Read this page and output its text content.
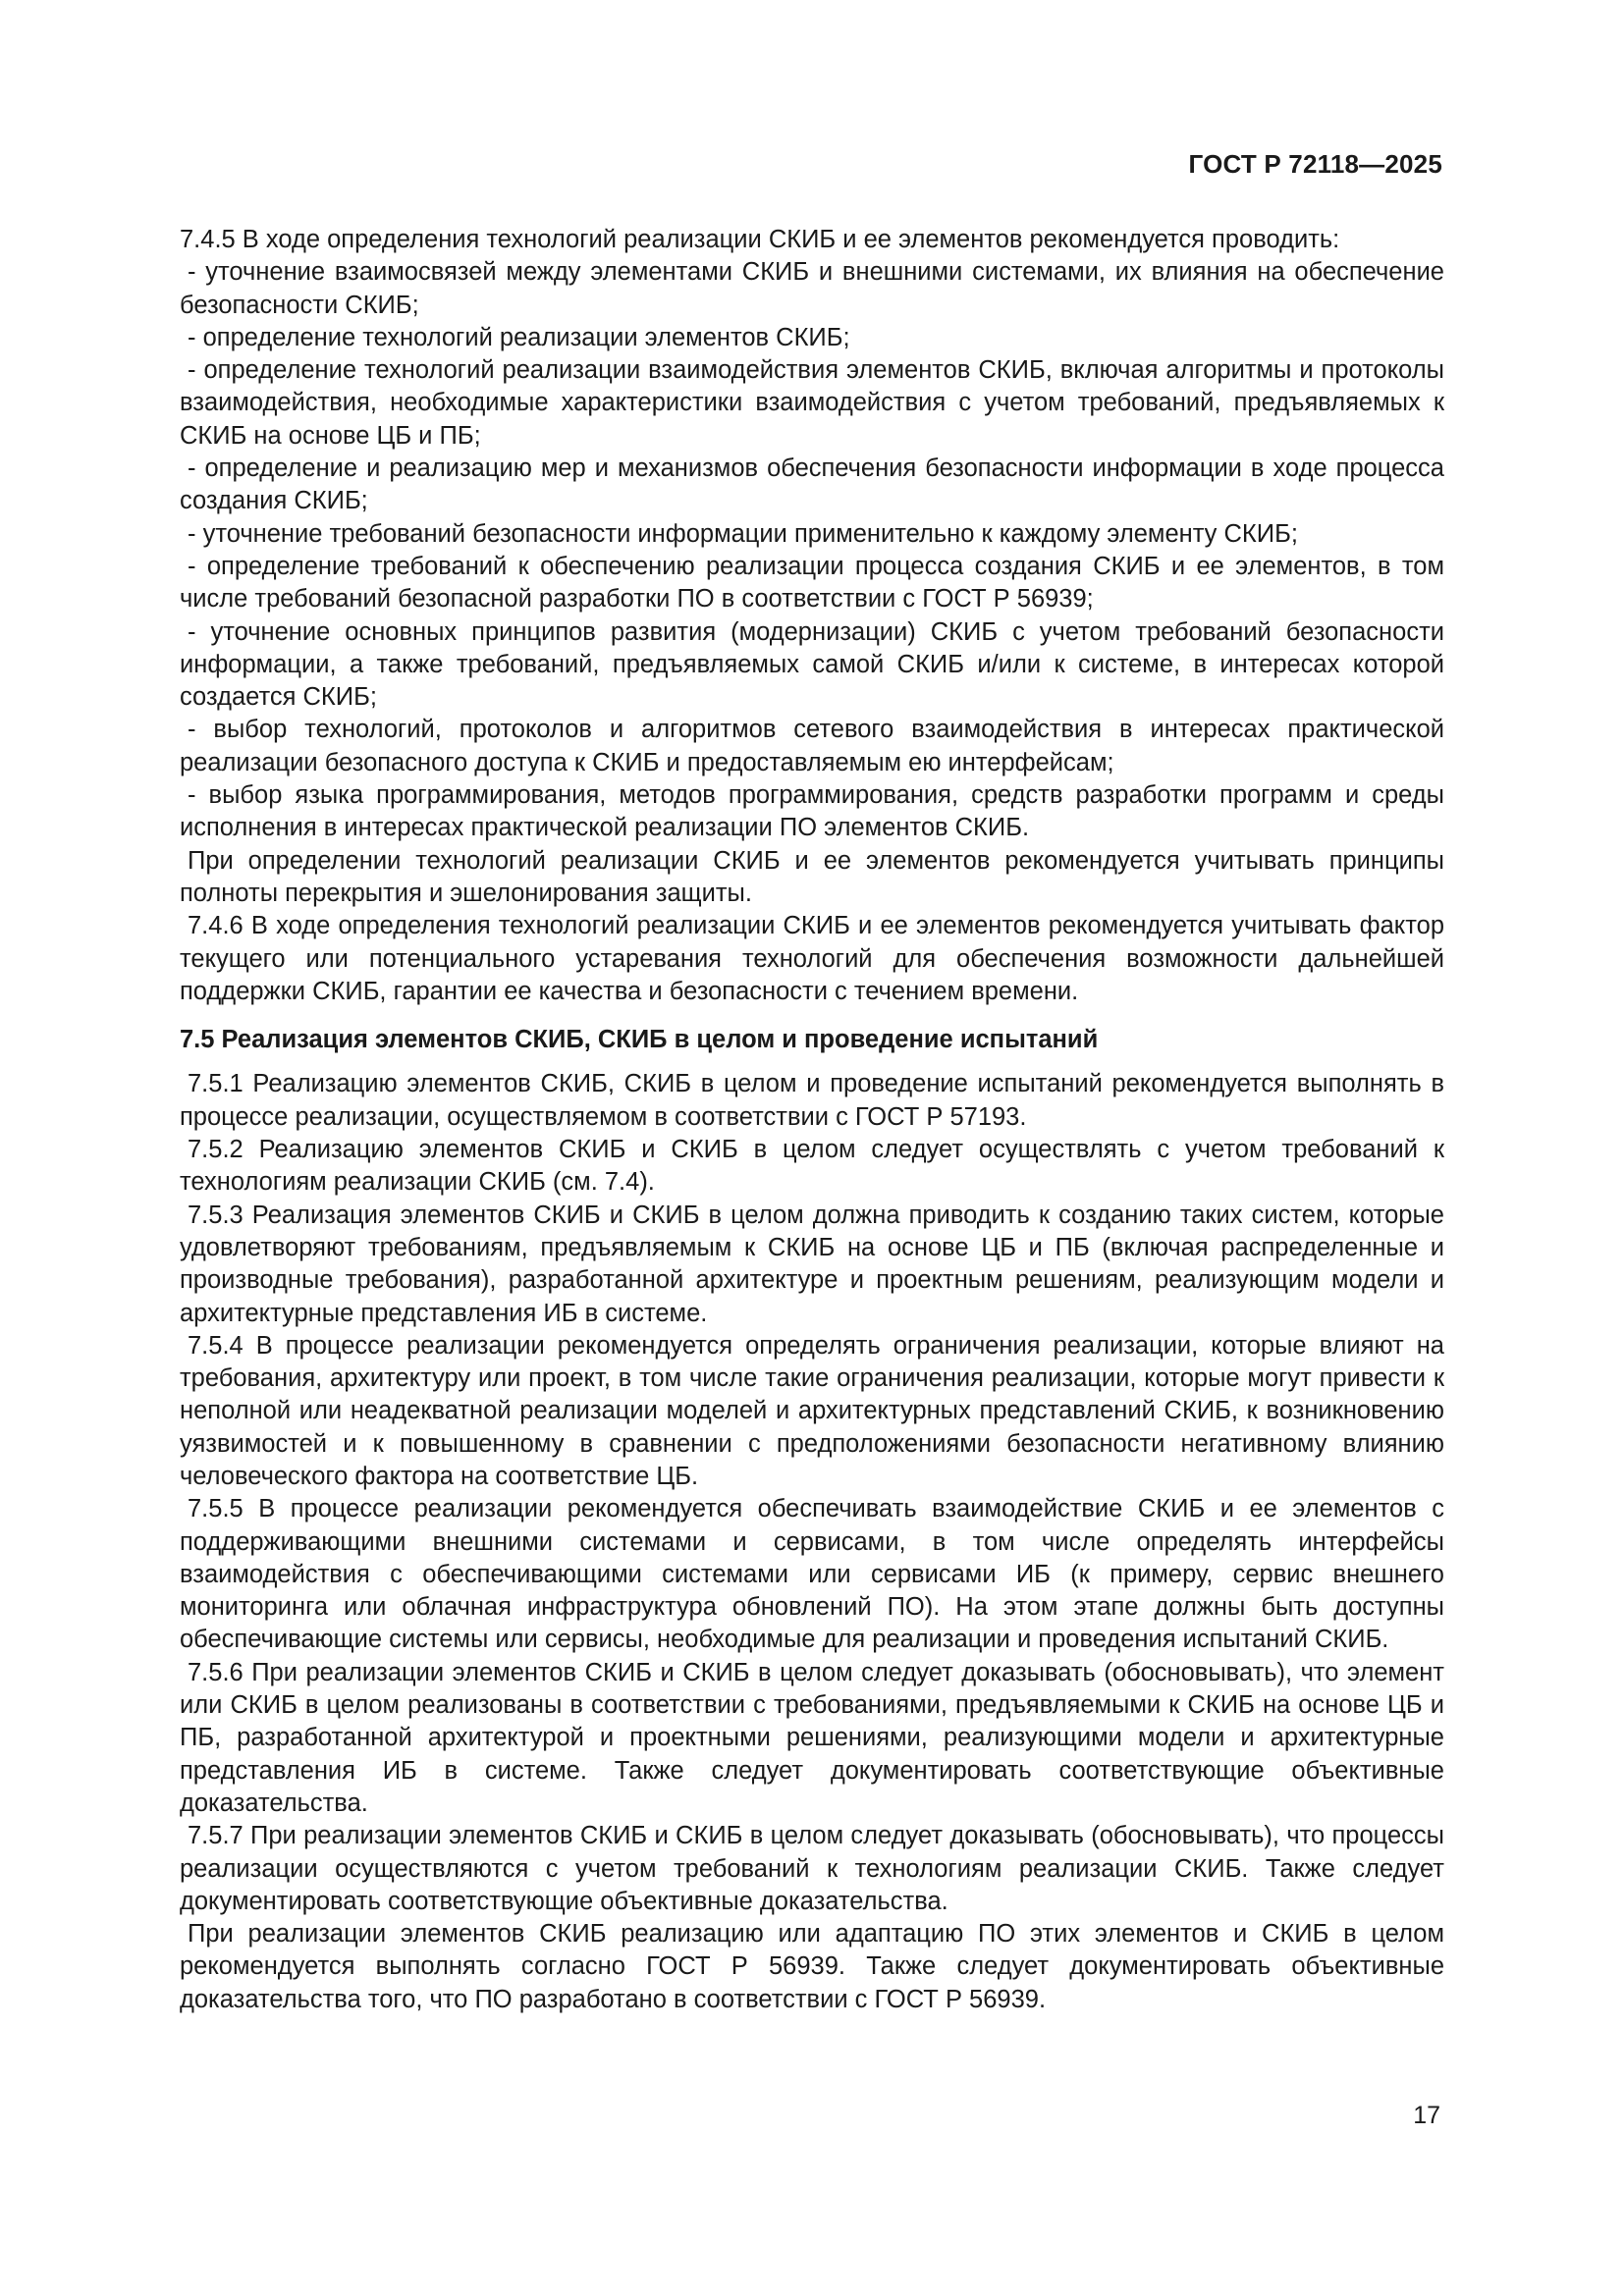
ГОСТ Р 72118—2025

7.4.5 В ходе определения технологий реализации СКИБ и ее элементов рекомендуется проводить:

- уточнение взаимосвязей между элементами СКИБ и внешними системами, их влияния на обеспечение безопасности СКИБ;

- определение технологий реализации элементов СКИБ;

- определение технологий реализации взаимодействия элементов СКИБ, включая алгоритмы и протоколы взаимодействия, необходимые характеристики взаимодействия с учетом требований, предъявляемых к СКИБ на основе ЦБ и ПБ;

- определение и реализацию мер и механизмов обеспечения безопасности информации в ходе процесса создания СКИБ;

- уточнение требований безопасности информации применительно к каждому элементу СКИБ;

- определение требований к обеспечению реализации процесса создания СКИБ и ее элементов, в том числе требований безопасной разработки ПО в соответствии с ГОСТ Р 56939;

- уточнение основных принципов развития (модернизации) СКИБ с учетом требований безопасности информации, а также требований, предъявляемых самой СКИБ и/или к системе, в интересах которой создается СКИБ;

- выбор технологий, протоколов и алгоритмов сетевого взаимодействия в интересах практической реализации безопасного доступа к СКИБ и предоставляемым ею интерфейсам;

- выбор языка программирования, методов программирования, средств разработки программ и среды исполнения в интересах практической реализации ПО элементов СКИБ.

При определении технологий реализации СКИБ и ее элементов рекомендуется учитывать принципы полноты перекрытия и эшелонирования защиты.

7.4.6 В ходе определения технологий реализации СКИБ и ее элементов рекомендуется учитывать фактор текущего или потенциального устаревания технологий для обеспечения возможности дальнейшей поддержки СКИБ, гарантии ее качества и безопасности с течением времени.

7.5 Реализация элементов СКИБ, СКИБ в целом и проведение испытаний

7.5.1 Реализацию элементов СКИБ, СКИБ в целом и проведение испытаний рекомендуется выполнять в процессе реализации, осуществляемом в соответствии с ГОСТ Р 57193.

7.5.2 Реализацию элементов СКИБ и СКИБ в целом следует осуществлять с учетом требований к технологиям реализации СКИБ (см. 7.4).

7.5.3 Реализация элементов СКИБ и СКИБ в целом должна приводить к созданию таких систем, которые удовлетворяют требованиям, предъявляемым к СКИБ на основе ЦБ и ПБ (включая распределенные и производные требования), разработанной архитектуре и проектным решениям, реализующим модели и архитектурные представления ИБ в системе.

7.5.4 В процессе реализации рекомендуется определять ограничения реализации, которые влияют на требования, архитектуру или проект, в том числе такие ограничения реализации, которые могут привести к неполной или неадекватной реализации моделей и архитектурных представлений СКИБ, к возникновению уязвимостей и к повышенному в сравнении с предположениями безопасности негативному влиянию человеческого фактора на соответствие ЦБ.

7.5.5 В процессе реализации рекомендуется обеспечивать взаимодействие СКИБ и ее элементов с поддерживающими внешними системами и сервисами, в том числе определять интерфейсы взаимодействия с обеспечивающими системами или сервисами ИБ (к примеру, сервис внешнего мониторинга или облачная инфраструктура обновлений ПО). На этом этапе должны быть доступны обеспечивающие системы или сервисы, необходимые для реализации и проведения испытаний СКИБ.

7.5.6 При реализации элементов СКИБ и СКИБ в целом следует доказывать (обосновывать), что элемент или СКИБ в целом реализованы в соответствии с требованиями, предъявляемыми к СКИБ на основе ЦБ и ПБ, разработанной архитектурой и проектными решениями, реализующими модели и архитектурные представления ИБ в системе. Также следует документировать соответствующие объективные доказательства.

7.5.7 При реализации элементов СКИБ и СКИБ в целом следует доказывать (обосновывать), что процессы реализации осуществляются с учетом требований к технологиям реализации СКИБ. Также следует документировать соответствующие объективные доказательства.

При реализации элементов СКИБ реализацию или адаптацию ПО этих элементов и СКИБ в целом рекомендуется выполнять согласно ГОСТ Р 56939. Также следует документировать объективные доказательства того, что ПО разработано в соответствии с ГОСТ Р 56939.

17
